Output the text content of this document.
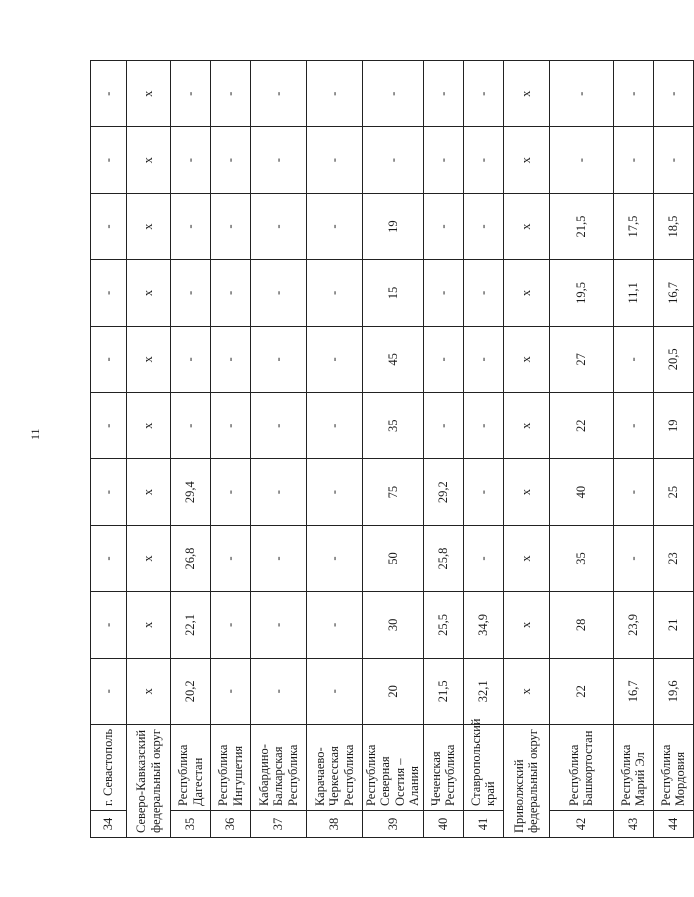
11
34	г. Севастополь	-	-	-	-	-	-	-	-	-	-
Северо-Кавказский федеральный округ		х	х	х	х	х	х	х	х	х	х
35	Республика Дагестан	20,2	22,1	26,8	29,4	-	-	-	-	-	-
36	Республика Ингушетия	-	-	-	-	-	-	-	-	-	-
37	Кабардино-Балкарская Республика	-	-	-	-	-	-	-	-	-	-
38	Карачаево-Черкесская Республика	-	-	-	-	-	-	-	-	-	-
39	Республика Северная Осетия – Алания	20	30	50	75	35	45	15	19	-	-
40	Чеченская Республика	21,5	25,5	25,8	29,2	-	-	-	-	-	-
41	Ставропольский край	32,1	34,9	-	-	-	-	-	-	-	-
Приволжский федеральный округ		х	х	х	х	х	х	х	х	х	х
42	Республика Башкортостан	22	28	35	40	22	27	19,5	21,5	-	-
43	Республика Марий Эл	16,7	23,9	-	-	-	-	11,1	17,5	-	-
44	Республика Мордовия	19,6	21	23	25	19	20,5	16,7	18,5	-	-
